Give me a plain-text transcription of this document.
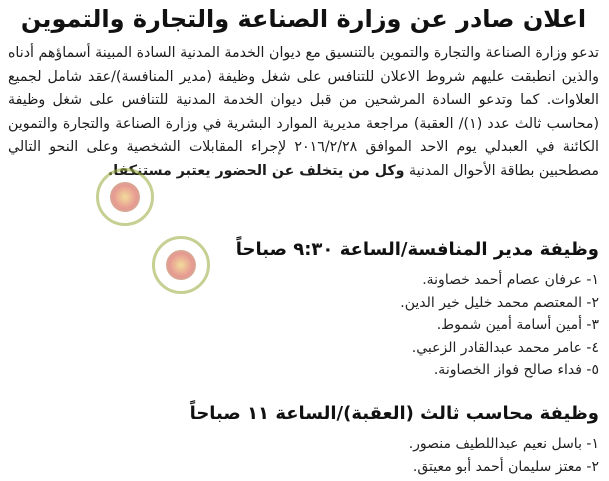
اعلان صادر عن وزارة الصناعة والتجارة والتموين
تدعو وزارة الصناعة والتجارة والتموين بالتنسيق مع ديوان الخدمة المدنية السادة المبينة أسماؤهم أدناه والذين انطبقت عليهم شروط الاعلان للتنافس على شغل وظيفة (مدير المنافسة)/عقد شامل لجميع العلاوات. كما وتدعو السادة المرشحين من قبل ديوان الخدمة المدنية للتنافس على شغل وظيفة (محاسب ثالث عدد (١)/ العقبة) مراجعة مديرية الموارد البشرية في وزارة الصناعة والتجارة والتموين الكائنة في العبدلي يوم الاحد الموافق ٢٠١٦/٢/٢٨ لإجراء المقابلات الشخصية وعلى النحو التالي مصطحبين بطاقة الأحوال المدنية وكل من يتخلف عن الحضور يعتبر مستنكفا.
وظيفة مدير المنافسة/الساعة ٩:٣٠ صباحاً
١- عرفان عصام أحمد خصاونة.
٢- المعتصم محمد خليل خير الدين.
٣- أمين أسامة أمين شموط.
٤- عامر محمد عبدالقادر الزعبي.
٥- فداء صالح فواز الخصاونة.
وظيفة محاسب ثالث (العقبة)/الساعة ١١ صباحاً
١- باسل نعيم عبداللطيف منصور.
٢- معتز سليمان أحمد أبو معيتق.
